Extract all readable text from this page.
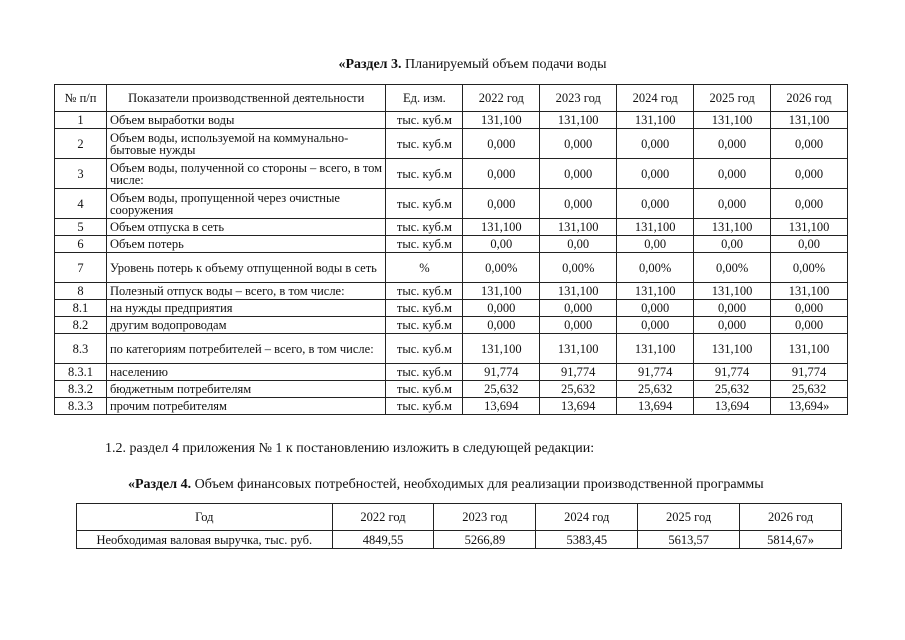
«Раздел 3. Планируемый объем подачи воды
№ п/п	Показатели производственной деятельности	Ед. изм.	2022 год	2023 год	2024 год	2025 год	2026 год
1	Объем выработки воды	тыс. куб.м	131,100	131,100	131,100	131,100	131,100
2	Объем воды, используемой на коммунально-бытовые нужды	тыс. куб.м	0,000	0,000	0,000	0,000	0,000
3	Объем воды, полученной со стороны – всего, в том числе:	тыс. куб.м	0,000	0,000	0,000	0,000	0,000
4	Объем воды, пропущенной через очистные сооружения	тыс. куб.м	0,000	0,000	0,000	0,000	0,000
5	Объем отпуска в сеть	тыс. куб.м	131,100	131,100	131,100	131,100	131,100
6	Объем потерь	тыс. куб.м	0,00	0,00	0,00	0,00	0,00
7	Уровень потерь к объему отпущенной воды в сеть	%	0,00%	0,00%	0,00%	0,00%	0,00%
8	Полезный отпуск воды – всего, в том числе:	тыс. куб.м	131,100	131,100	131,100	131,100	131,100
8.1	на нужды предприятия	тыс. куб.м	0,000	0,000	0,000	0,000	0,000
8.2	другим водопроводам	тыс. куб.м	0,000	0,000	0,000	0,000	0,000
8.3	по категориям потребителей – всего, в том числе:	тыс. куб.м	131,100	131,100	131,100	131,100	131,100
8.3.1	населению	тыс. куб.м	91,774	91,774	91,774	91,774	91,774
8.3.2	бюджетным потребителям	тыс. куб.м	25,632	25,632	25,632	25,632	25,632
8.3.3	прочим потребителям	тыс. куб.м	13,694	13,694	13,694	13,694	13,694»
1.2. раздел 4 приложения № 1 к постановлению изложить в следующей редакции:
«Раздел 4. Объем финансовых потребностей, необходимых для реализации производственной программы
Год	2022 год	2023 год	2024 год	2025 год	2026 год
Необходимая валовая выручка, тыс. руб.	4849,55	5266,89	5383,45	5613,57	5814,67»
